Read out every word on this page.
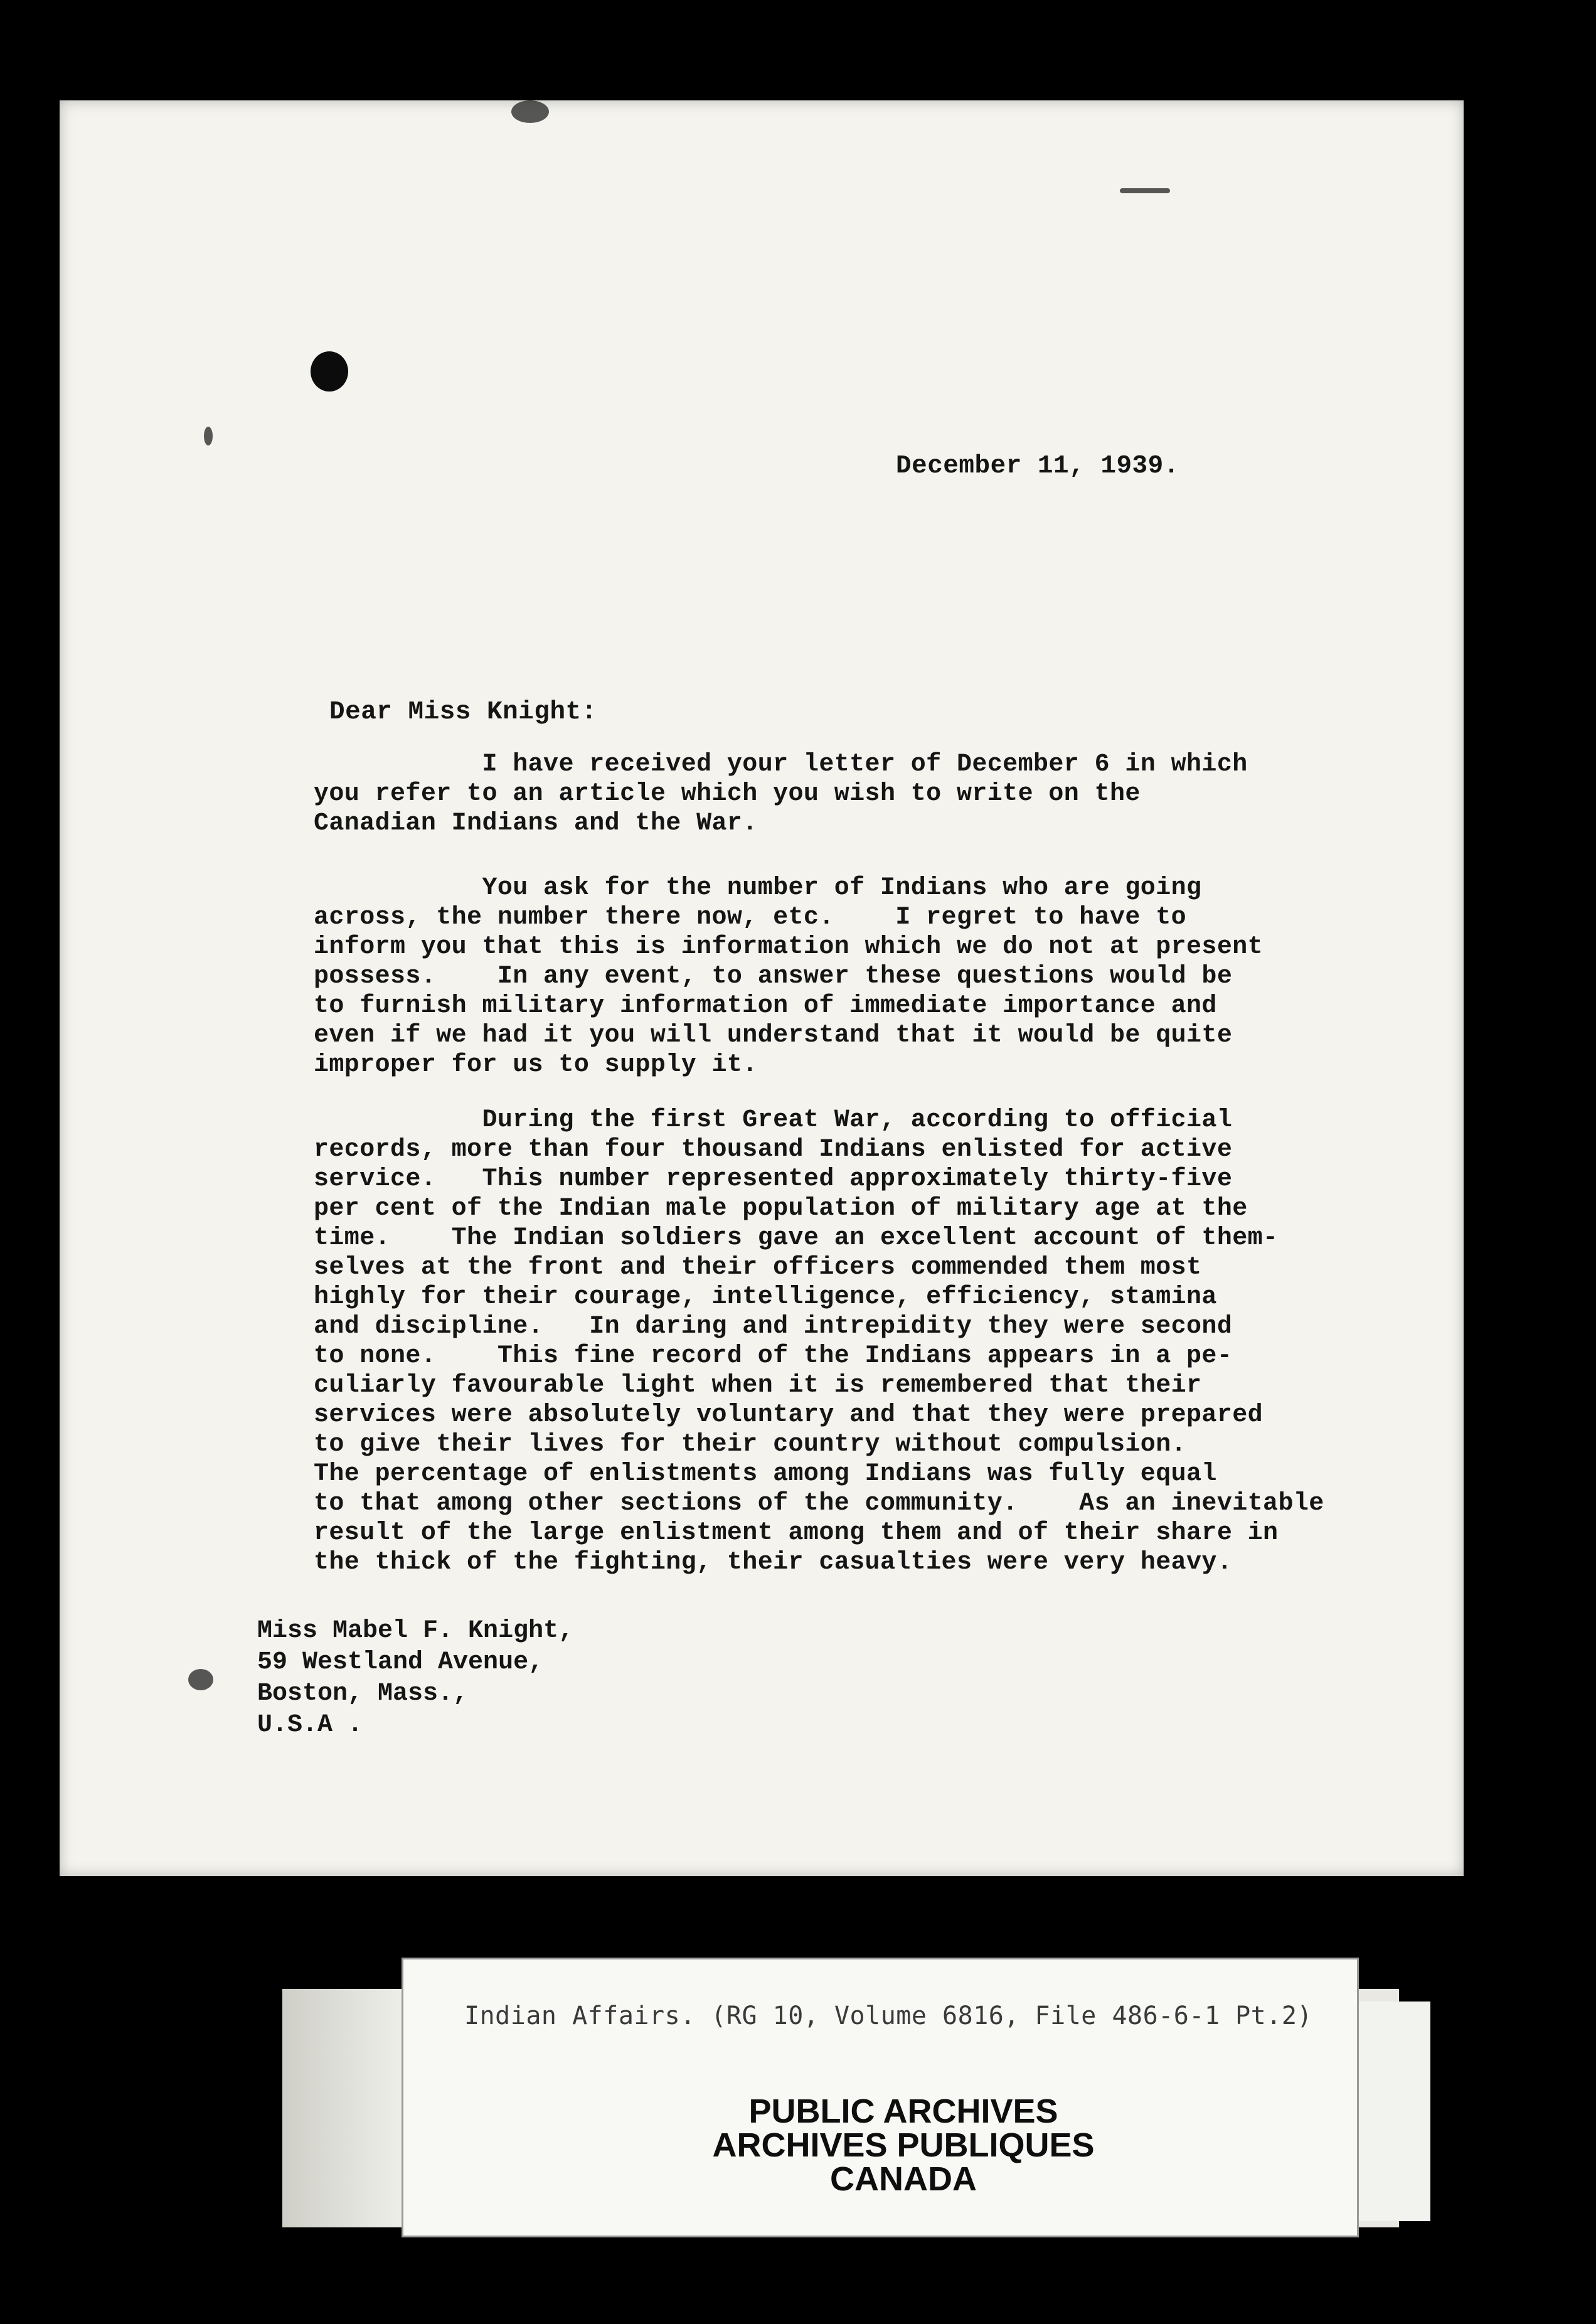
December 11, 1939.
Dear Miss Knight:
I have received your letter of December 6 in which
you refer to an article which you wish to write on the
Canadian Indians and the War.
You ask for the number of Indians who are going
across, the number there now, etc.    I regret to have to
inform you that this is information which we do not at present
possess.    In any event, to answer these questions would be
to furnish military information of immediate importance and
even if we had it you will understand that it would be quite
improper for us to supply it.
During the first Great War, according to official
records, more than four thousand Indians enlisted for active
service.   This number represented approximately thirty-five
per cent of the Indian male population of military age at the
time.    The Indian soldiers gave an excellent account of them-
selves at the front and their officers commended them most
highly for their courage, intelligence, efficiency, stamina
and discipline.   In daring and intrepidity they were second
to none.    This fine record of the Indians appears in a pe-
culiarly favourable light when it is remembered that their
services were absolutely voluntary and that they were prepared
to give their lives for their country without compulsion.
The percentage of enlistments among Indians was fully equal
to that among other sections of the community.    As an inevitable
result of the large enlistment among them and of their share in
the thick of the fighting, their casualties were very heavy.
Miss Mabel F. Knight,
59 Westland Avenue,
Boston, Mass.,
U.S.A .
Indian Affairs. (RG 10, Volume 6816, File 486-6-1 Pt.2)
PUBLIC ARCHIVES
ARCHIVES PUBLIQUES
CANADA
